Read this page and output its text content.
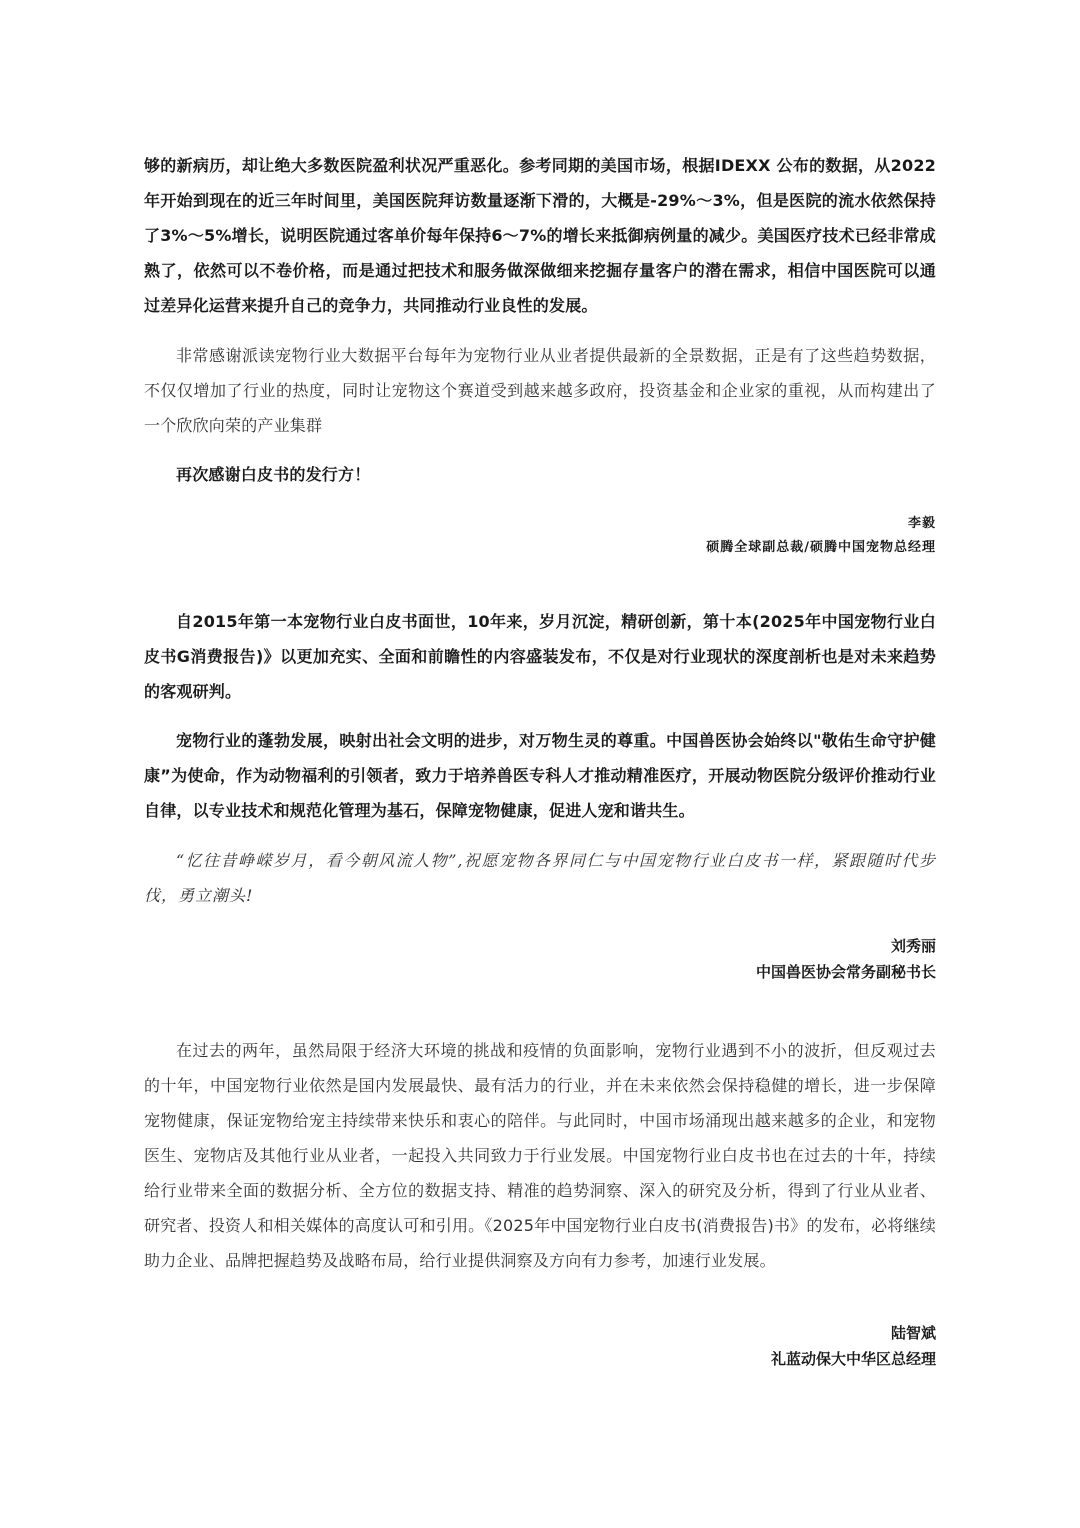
够的新病历，却让绝大多数医院盈利状况严重恶化。参考同期的美国市场，根据IDEXX 公布的数据，从2022年开始到现在的近三年时间里，美国医院拜访数量逐渐下滑的，大概是-29%～3%，但是医院的流水依然保持了3%～5%增长，说明医院通过客单价每年保持6～7%的增长来抵御病例量的减少。美国医疗技术已经非常成熟了，依然可以不卷价格，而是通过把技术和服务做深做细来挖掘存量客户的潜在需求，相信中国医院可以通过差异化运营来提升自己的竞争力，共同推动行业良性的发展。

非常感谢派读宠物行业大数据平台每年为宠物行业从业者提供最新的全景数据，正是有了这些趋势数据，不仅仅增加了行业的热度，同时让宠物这个赛道受到越来越多政府，投资基金和企业家的重视，从而构建出了一个欣欣向荣的产业集群

再次感谢白皮书的发行方！

李毅
硕腾全球副总裁/硕腾中国宠物总经理

自2015年第一本宠物行业白皮书面世，10年来，岁月沉淀，精研创新，第十本(2025年中国宠物行业白皮书G消费报告)》以更加充实、全面和前瞻性的内容盛装发布，不仅是对行业现状的深度剖析也是对未来趋势的客观研判。

宠物行业的蓬勃发展，映射出社会文明的进步，对万物生灵的尊重。中国兽医协会始终以"敬佑生命守护健康”为使命，作为动物福利的引领者，致力于培养兽医专科人才推动精准医疗，开展动物医院分级评价推动行业自律，以专业技术和规范化管理为基石，保障宠物健康，促进人宠和谐共生。

“忆往昔峥嵘岁月，看今朝风流人物”,祝愿宠物各界同仁与中国宠物行业白皮书一样，紧跟随时代步伐，勇立潮头!

刘秀丽
中国兽医协会常务副秘书长

在过去的两年，虽然局限于经济大环境的挑战和疫情的负面影响，宠物行业遇到不小的波折，但反观过去的十年，中国宠物行业依然是国内发展最快、最有活力的行业，并在未来依然会保持稳健的增长，进一步保障宠物健康，保证宠物给宠主持续带来快乐和衷心的陪伴。与此同时，中国市场涌现出越来越多的企业，和宠物医生、宠物店及其他行业从业者，一起投入共同致力于行业发展。中国宠物行业白皮书也在过去的十年，持续给行业带来全面的数据分析、全方位的数据支持、精准的趋势洞察、深入的研究及分析，得到了行业从业者、研究者、投资人和相关媒体的高度认可和引用。《2025年中国宠物行业白皮书(消费报告)书》的发布，必将继续助力企业、品牌把握趋势及战略布局，给行业提供洞察及方向有力参考，加速行业发展。

陆智斌
礼蓝动保大中华区总经理
